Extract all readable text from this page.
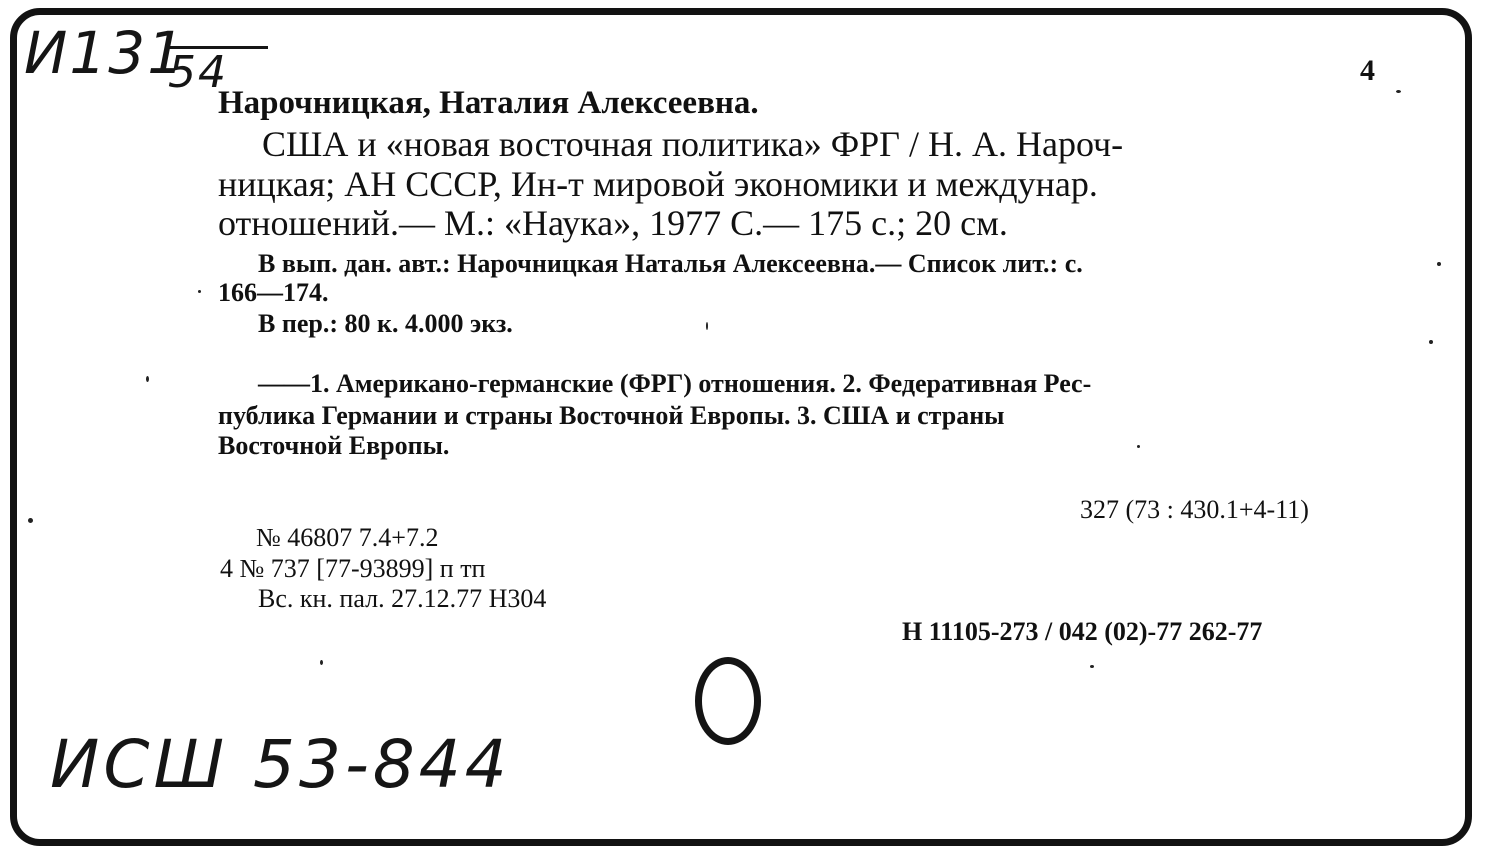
И131
54	4
Нарочницкая, Наталия Алексеевна.
США и «новая восточная политика» ФРГ / Н. А. Нароч-
ницкая; АН СССР, Ин-т мировой экономики и междунар.
отношений.— М.: «Наука», 1977 С.— 175 с.; 20 см.
В вып. дан. авт.: Нарочницкая Наталья Алексеевна.— Список лит.: с.
166—174.
В пер.: 80 к. 4.000 экз.
——1. Американо-германские (ФРГ) отношения. 2. Федеративная Рес-
публика Германии и страны Восточной Европы. 3. США и страны
Восточной Европы.
327 (73 : 430.1+4-11)
№ 46807 7.4+7.2
4 № 737 [77-93899] п тп
Вс. кн. пал. 27.12.77 Н304
Н 11105-273 / 042 (02)-77 262-77
ИСШ 53-844
